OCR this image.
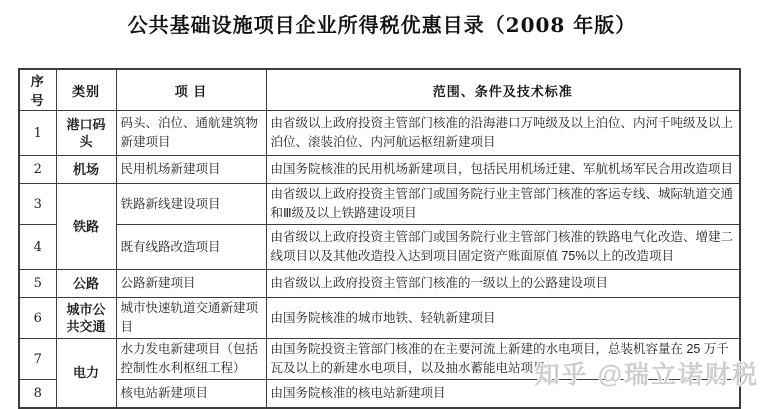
公共基础设施项目企业所得税优惠目录（2008 年版）
序号	类别	项 目	范围、条件及技术标准
1	港口码头	码头、泊位、通航建筑物新建项目	由省级以上政府投资主管部门核准的沿海港口万吨级及以上泊位、内河千吨级及以上泊位、滚装泊位、内河航运枢纽新建项目
2	机场	民用机场新建项目	由国务院核准的民用机场新建项目，包括民用机场迁建、军航机场军民合用改造项目
3	铁路	铁路新线建设项目	由省级以上政府投资主管部门或国务院行业主管部门核准的客运专线、城际轨道交通和Ⅲ级及以上铁路建设项目
4		既有线路改造项目	由省级以上政府投资主管部门或国务院行业主管部门核准的铁路电气化改造、增建二线项目以及其他改造投入达到项目固定资产账面原值 75%以上的改造项目
5	公路	公路新建项目	由省级以上政府投资主管部门核准的一级以上的公路建设项目
6	城市公共交通	城市快速轨道交通新建项目	由国务院核准的城市地铁、轻轨新建项目
7	电力	水力发电新建项目（包括控制性水利枢纽工程）	由国务院投资主管部门核准的在主要河流上新建的水电项目，总装机容量在 25 万千瓦及以上的新建水电项目，以及抽水蓄能电站项目
8		核电站新建项目	由国务院核准的核电站新建项目
知乎 @瑞立诺财税
